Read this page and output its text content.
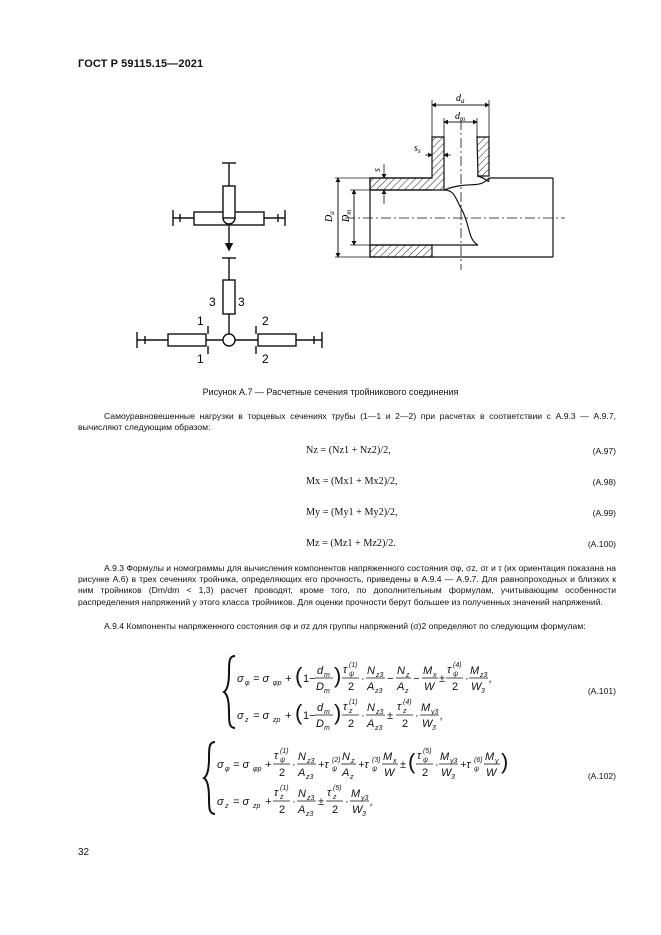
ГОСТ Р 59115.15—2021
3 3
1
1
2
2
$d_a$
$d_m$
$s_s$
s
$D_a$
$D_m$
Рисунок А.7 — Расчетные сечения тройникового соединения
Самоуравновешенные нагрузки в торцевых сечениях трубы (1—1 и 2—2) при расчетах в соответствии с А.9.3 — А.9.7, вычисляют следующим образом:
Nz = (Nz1 + Nz2)/2,	(А.97)
Mx = (Mx1 + Mx2)/2,	(А.98)
My = (My1 + My2)/2,	(А.99)
Mz = (Mz1 + Mz2)/2.	(А.100)
А.9.3 Формулы и номограммы для вычисления компонентов напряженного состояния σφ, σz, σr и τ (их ориентация показана на рисунке А.6) в трех сечениях тройника, определяющих его прочность, приведены в А.9.4 — А.9.7. Для равнопроходных и близких к ним тройников (Dm/dm < 1,3) расчет проводят, кроме того, по дополнительным формулам, учитывающим особенности распределения напряжений у этого класса тройников. Для оценки прочности берут большее из полученных значений напряжений.
А.9.4 Компоненты напряженного состояния σφ и σz для группы напряжений (σ)2 определяют по следующим формулам:
σ φ = σ φp + ( 1−
d m
D m
) τ ψ
(1)
2
·
N z3
A z3
−
N z
A z
−
M x
W
±
τ ψ
(4)
2
·
M z3
W 3
,
σ z = σ zp + ( 1−
d m
D m
) τ z
(1)
2
·
N z3
A z3
±
τ z
(4)
2
·
M y3
W 3
,
(А.101)
σ φ = σ φp +
τ ψ
(1)
2
·
N z3
A z3
+τ ψ
(2) N z
A z
+τ ψ
(3) M x
W
± ( τ ψ
(5)
2
·
M y3
W 3
+τ ψ
(6) M y
W )
σ z = σ zp +
τ z
(1)
2
·
N z3
A z3
±
τ z
(5)
2
·
M y3
W 3
,
(А.102)
32
